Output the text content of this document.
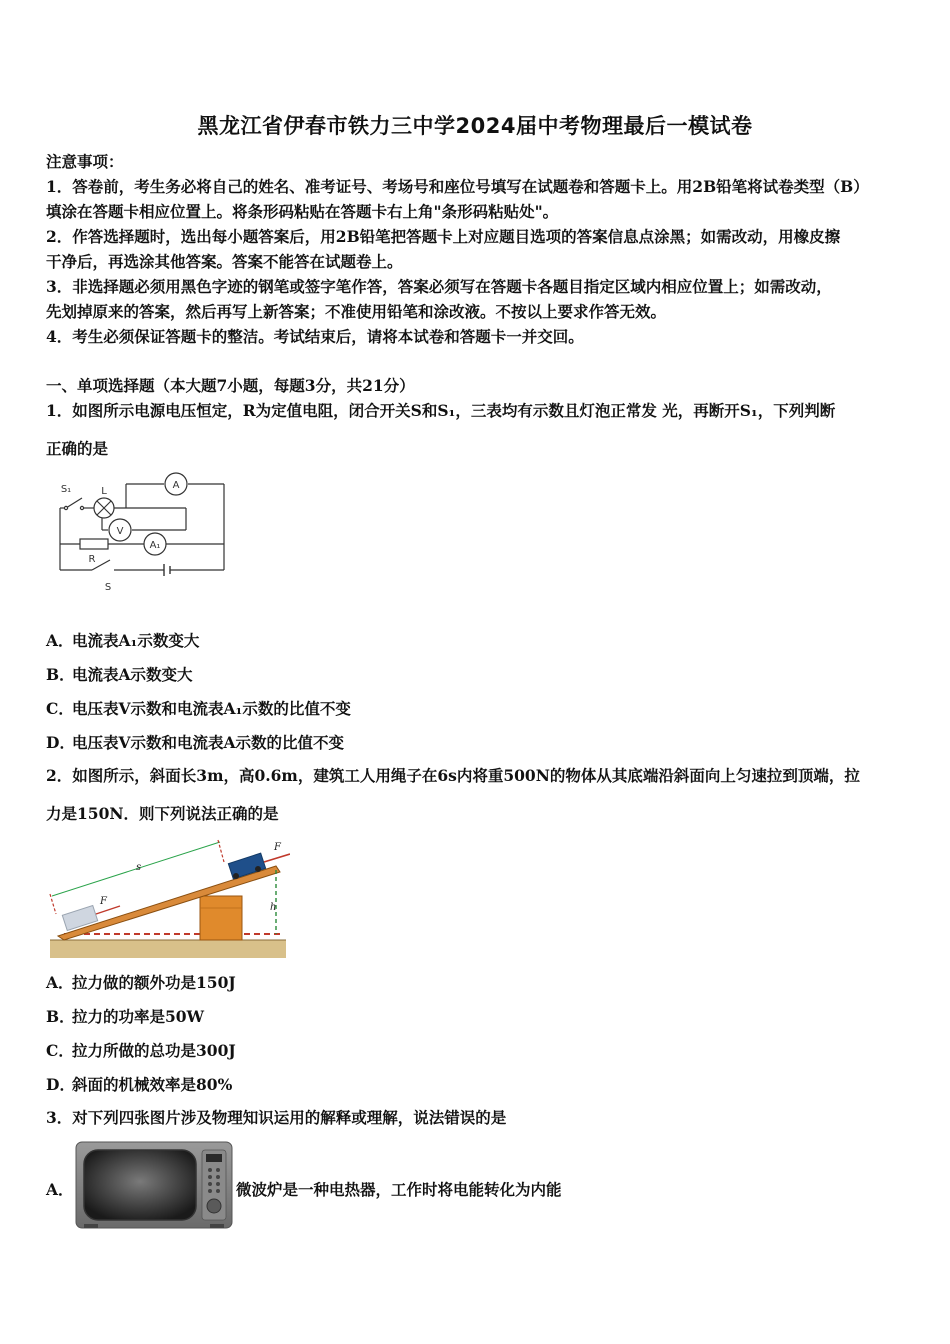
黑龙江省伊春市铁力三中学2024届中考物理最后一模试卷
注意事项：
1．答卷前，考生务必将自己的姓名、准考证号、考场号和座位号填写在试题卷和答题卡上。用2B铅笔将试卷类型（B）
填涂在答题卡相应位置上。将条形码粘贴在答题卡右上角"条形码粘贴处"。
2．作答选择题时，选出每小题答案后，用2B铅笔把答题卡上对应题目选项的答案信息点涂黑；如需改动，用橡皮擦
干净后，再选涂其他答案。答案不能答在试题卷上。
3．非选择题必须用黑色字迹的钢笔或签字笔作答，答案必须写在答题卡各题目指定区域内相应位置上；如需改动，
先划掉原来的答案，然后再写上新答案；不准使用铅笔和涂改液。不按以上要求作答无效。
4．考生必须保证答题卡的整洁。考试结束后，请将本试卷和答题卡一并交回。
一、单项选择题（本大题7小题，每题3分，共21分）
1．如图所示电源电压恒定，R为定值电阻，闭合开关S和S₁，三表均有示数且灯泡正常发 光，再断开S₁，下列判断
正确的是
A
V
A₁
S₁	L
R
S
A．电流表A₁示数变大
B．电流表A示数变大
C．电压表V示数和电流表A₁示数的比值不变
D．电压表V示数和电流表A示数的比值不变
2．如图所示，斜面长3m，高0.6m，建筑工人用绳子在6s内将重500N的物体从其底端沿斜面向上匀速拉到顶端，拉
力是150N．则下列说法正确的是
s
h
F
F
A．拉力做的额外功是150J
B．拉力的功率是50W
C．拉力所做的总功是300J
D．斜面的机械效率是80%
3．对下列四张图片涉及物理知识运用的解释或理解，说法错误的是
A．	微波炉是一种电热器，工作时将电能转化为内能
